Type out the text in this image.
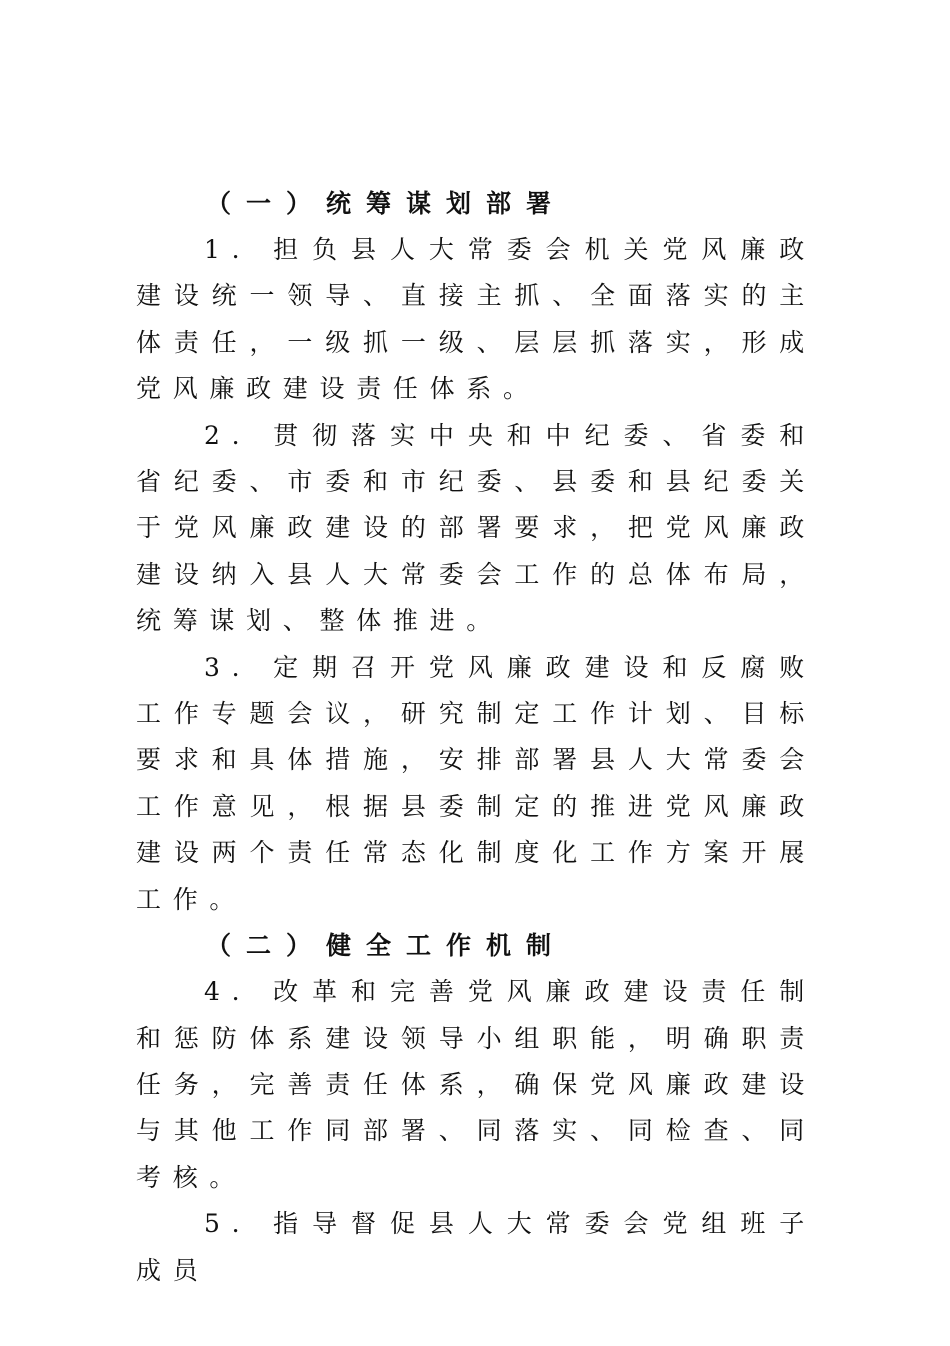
（一）统筹谋划部署

1. 担负县人大常委会机关党风廉政建设统一领导、直接主抓、全面落实的主体责任，一级抓一级、层层抓落实，形成党风廉政建设责任体系。

2. 贯彻落实中央和中纪委、省委和省纪委、市委和市纪委、县委和县纪委关于党风廉政建设的部署要求，把党风廉政建设纳入县人大常委会工作的总体布局，统筹谋划、整体推进。

3. 定期召开党风廉政建设和反腐败工作专题会议，研究制定工作计划、目标要求和具体措施，安排部署县人大常委会工作意见，根据县委制定的推进党风廉政建设两个责任常态化制度化工作方案开展工作。

（二）健全工作机制

4. 改革和完善党风廉政建设责任制和惩防体系建设领导小组职能，明确职责任务，完善责任体系，确保党风廉政建设与其他工作同部署、同落实、同检查、同考核。

5. 指导督促县人大常委会党组班子成员
